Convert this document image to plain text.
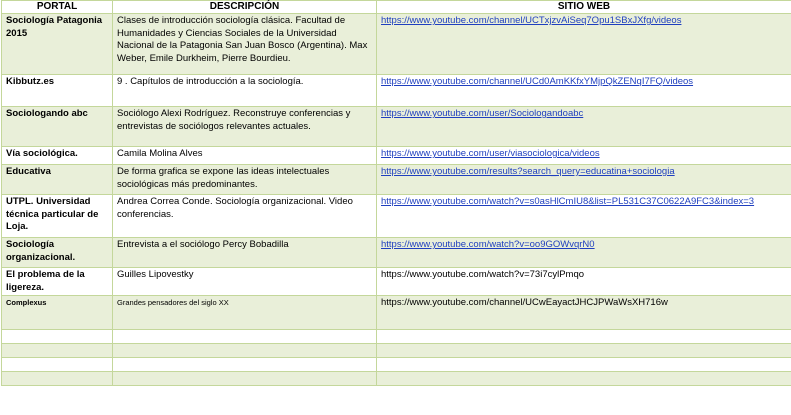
PORTAL	DESCRIPCIÓN	SITIO WEB
Sociología Patagonia 2015	Clases de introducción sociología clásica. Facultad de Humanidades y Ciencias Sociales de la Universidad Nacional de la Patagonia San Juan Bosco (Argentina). Max Weber, Emile Durkheim, Pierre Bourdieu.	https://www.youtube.com/channel/UCTxjzvAiSeq7Opu1SBxJXfg/videos
Kibbutz.es	9 . Capítulos de introducción a la sociología.	https://www.youtube.com/channel/UCd0AmKKfxYMjpQkZENqI7FQ/videos
Sociologando abc	Sociólogo Alexi Rodríguez. Reconstruye conferencias y entrevistas de sociólogos relevantes actuales.	https://www.youtube.com/user/Sociologandoabc
Vía sociológica.	Camila Molina Alves	https://www.youtube.com/user/viasociologica/videos
Educativa	De forma grafica se expone las ideas intelectuales sociológicas más predominantes.	https://www.youtube.com/results?search_query=educatina+sociologia
UTPL. Universidad técnica particular de Loja.	Andrea Correa Conde. Sociología organizacional. Video conferencias.	https://www.youtube.com/watch?v=s0asHlCmIU8&list=PL531C37C0622A9FC3&index=3
Sociología organizacional.	Entrevista a el sociólogo Percy Bobadilla	https://www.youtube.com/watch?v=oo9GOWvqrN0
El problema de la ligereza.	Guilles Lipovestky	https://www.youtube.com/watch?v=73i7cylPmqo
Complexus	Grandes pensadores del siglo XX	https://www.youtube.com/channel/UCwEayactJHCJPWaWsXH716w
